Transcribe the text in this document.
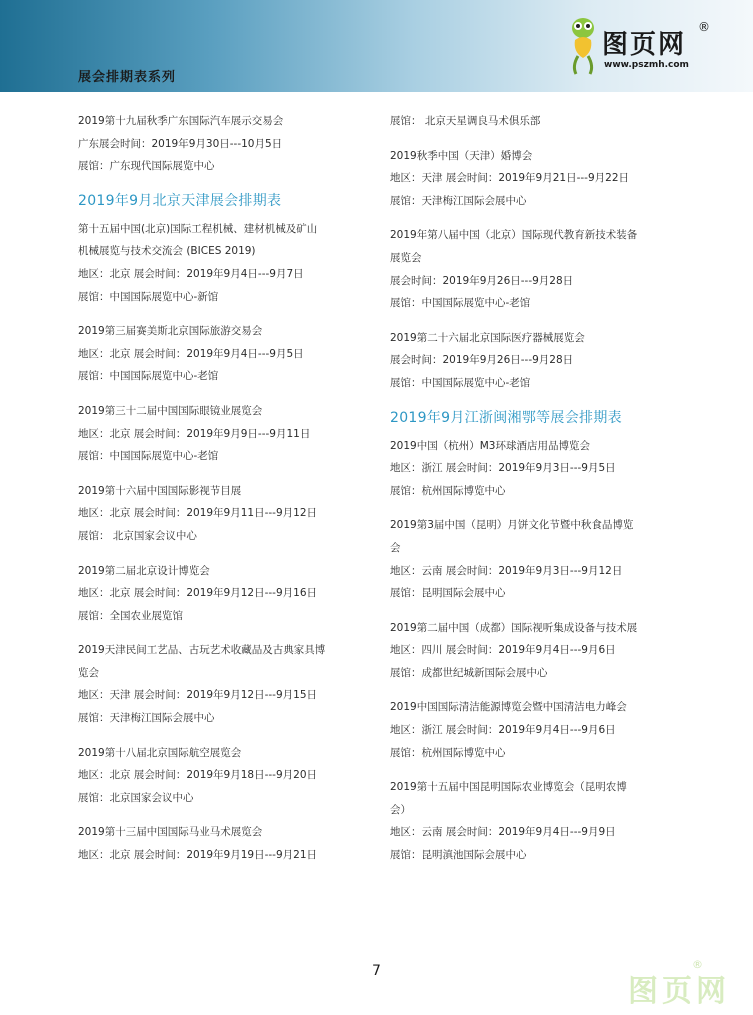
展会排期表系列
图页网
®
www.pszmh.com
2019第十九届秋季广东国际汽车展示交易会
广东展会时间：2019年9月30日---10月5日
展馆：广东现代国际展览中心
2019年9月北京天津展会排期表
第十五届中国(北京)国际工程机械、建材机械及矿山
机械展览与技术交流会 (BICES 2019)
地区：北京 展会时间：2019年9月4日---9月7日
展馆：中国国际展览中心-新馆
2019第三届赛美斯北京国际旅游交易会
地区：北京 展会时间：2019年9月4日---9月5日
展馆：中国国际展览中心-老馆
2019第三十二届中国国际眼镜业展览会
地区：北京 展会时间：2019年9月9日---9月11日
展馆：中国国际展览中心-老馆
2019第十六届中国国际影视节目展
地区：北京 展会时间：2019年9月11日---9月12日
展馆： 北京国家会议中心
2019第二届北京设计博览会
地区：北京 展会时间：2019年9月12日---9月16日
展馆：全国农业展览馆
2019天津民间工艺品、古玩艺术收藏品及古典家具博
览会
地区：天津 展会时间：2019年9月12日---9月15日
展馆：天津梅江国际会展中心
2019第十八届北京国际航空展览会
地区：北京 展会时间：2019年9月18日---9月20日
展馆：北京国家会议中心
2019第十三届中国国际马业马术展览会
地区：北京 展会时间：2019年9月19日---9月21日
展馆： 北京天星调良马术俱乐部
2019秋季中国（天津）婚博会
地区：天津 展会时间：2019年9月21日---9月22日
展馆：天津梅江国际会展中心
2019年第八届中国（北京）国际现代教育新技术装备
展览会
展会时间：2019年9月26日---9月28日
展馆：中国国际展览中心-老馆
2019第二十六届北京国际医疗器械展览会
展会时间：2019年9月26日---9月28日
展馆：中国国际展览中心-老馆
2019年9月江浙闽湘鄂等展会排期表
2019中国（杭州）M3环球酒店用品博览会
地区：浙江 展会时间：2019年9月3日---9月5日
展馆：杭州国际博览中心
2019第3届中国（昆明）月饼文化节暨中秋食品博览
会
地区：云南 展会时间：2019年9月3日---9月12日
展馆：昆明国际会展中心
2019第二届中国（成都）国际视听集成设备与技术展
地区：四川 展会时间：2019年9月4日---9月6日
展馆：成都世纪城新国际会展中心
2019中国国际清洁能源博览会暨中国清洁电力峰会
地区：浙江 展会时间：2019年9月4日---9月6日
展馆：杭州国际博览中心
2019第十五届中国昆明国际农业博览会（昆明农博
会）
地区：云南 展会时间：2019年9月4日---9月9日
展馆：昆明滇池国际会展中心
7
图页网
®
